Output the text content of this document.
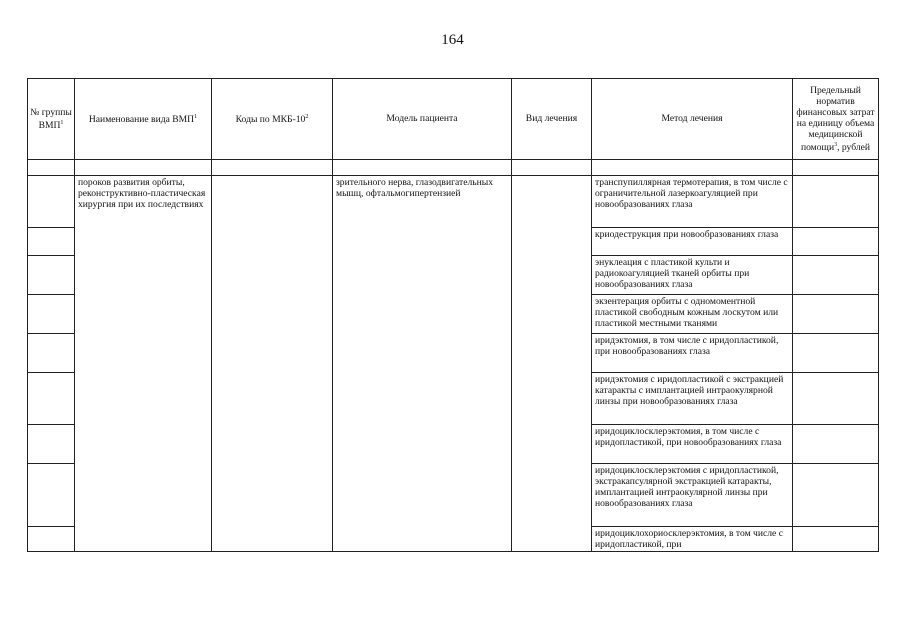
164
№ группы ВМП$^1$	Наименование вида ВМП$^1$	Коды по МКБ-$10^2$	Модель пациента	Вид лечения	Метод лечения	Предельный норматив финансовых затрат на единицу объема медицинской помощи$^3$, рублей

	пороков развития орбиты, реконструктивно-пластическая хирургия при их последствиях		зрительного нерва, глазодвигательных мышц, офтальмогипертензией		транспупиллярная термотерапия, в том числе с ограничительной лазеркоагуляцией при новообразованиях глаза	
					криодеструкция при новообразованиях глаза	
					энуклеация с пластикой культи и радиокоагуляцией тканей орбиты при новообразованиях глаза	
					экзентерация орбиты с одномоментной пластикой свободным кожным лоскутом или пластикой местными тканями	
					иридэктомия, в том числе с иридопластикой, при новообразованиях глаза	
					иридэктомия с иридопластикой с экстракцией катаракты с имплантацией интраокулярной линзы при новообразованиях глаза	
					иридоциклосклерэктомия, в том числе с иридопластикой, при новообразованиях глаза	
					иридоциклосклерэктомия с иридопластикой, экстракапсулярной экстракцией катаракты, имплантацией интраокулярной линзы при новообразованиях глаза	
					иридоциклохориосклерэктомия, в том числе с иридопластикой, при	
